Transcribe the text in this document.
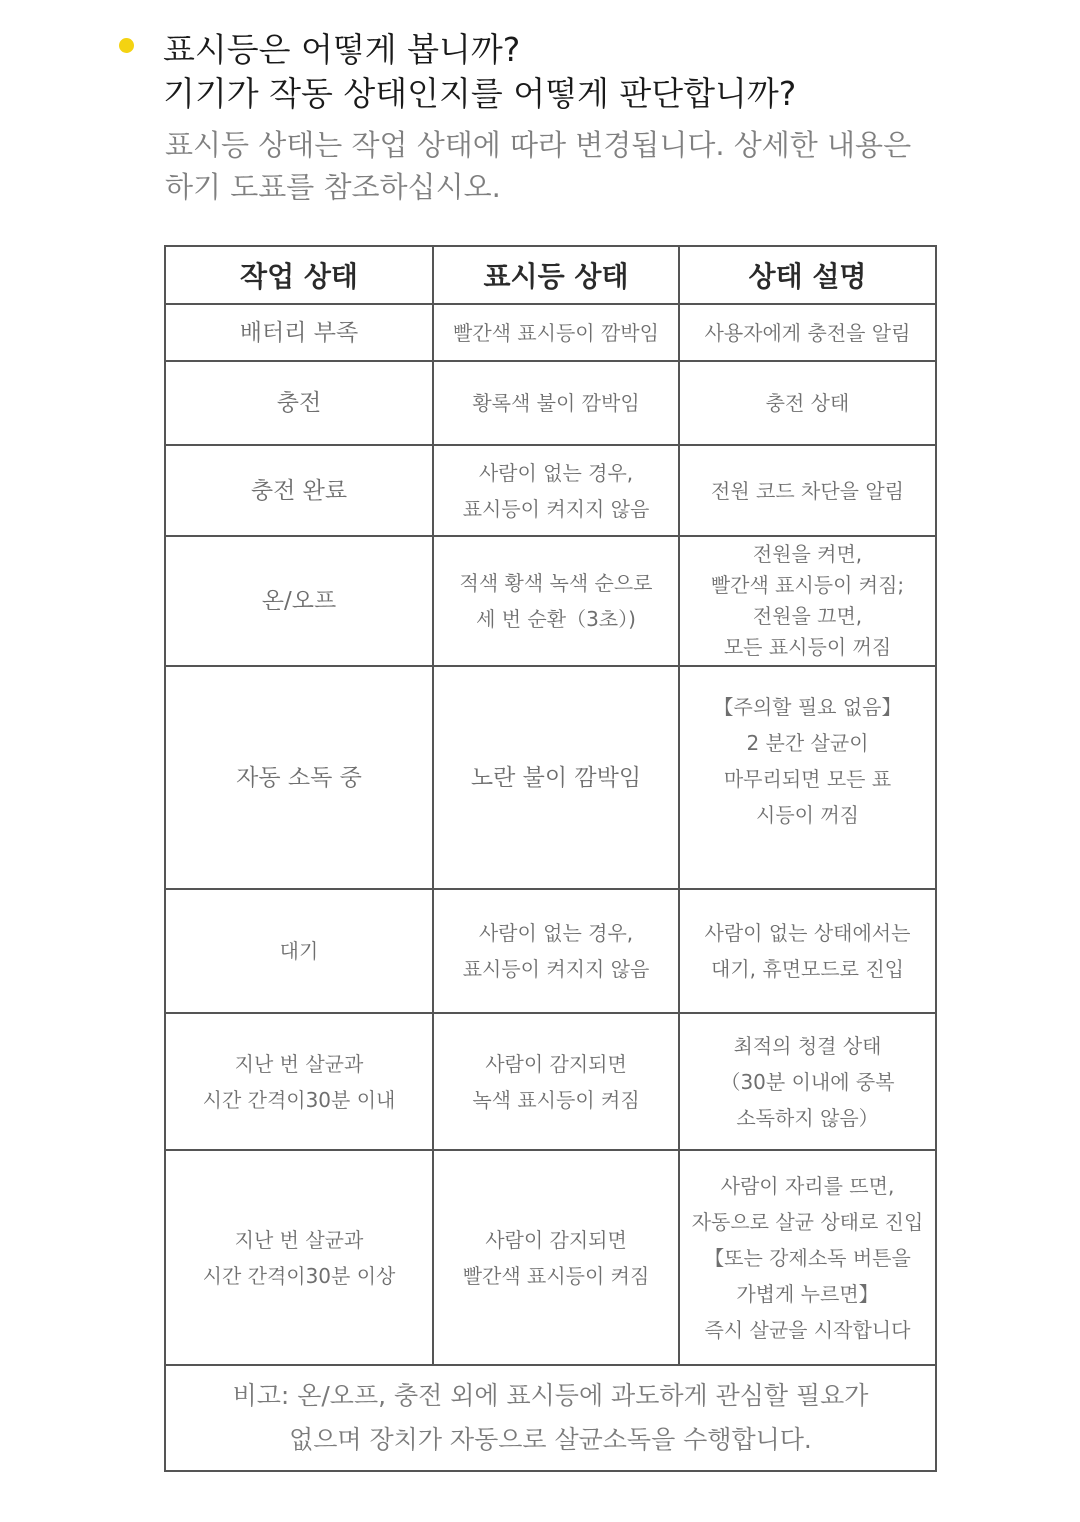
표시등은 어떻게 봅니까?
기기가 작동 상태인지를 어떻게 판단합니까?

표시등 상태는 작업 상태에 따라 변경됩니다. 상세한 내용은
하기 도표를 참조하십시오.

작업 상태	표시등 상태	상태 설명

배터리 부족	빨간색 표시등이 깜박임	사용자에게 충전을 알림

충전	황록색 불이 깜박임	충전 상태

충전 완료	사람이 없는 경우,
표시등이 켜지지 않음	전원 코드 차단을 알림

온/오프	적색 황색 녹색 순으로
세 번 순환（3초）)	전원을 켜면,
빨간색 표시등이 켜짐;
전원을 끄면,
모든 표시등이 꺼짐

자동 소독 중	노란 불이 깜박임	【주의할 필요 없음】
2 분간 살균이
마무리되면 모든 표
시등이 꺼짐

대기	사람이 없는 경우,
표시등이 켜지지 않음	사람이 없는 상태에서는
대기, 휴면모드로 진입

지난 번 살균과
시간 간격이30분 이내	사람이 감지되면
녹색 표시등이 켜짐	최적의 청결 상태
（30분 이내에 중복
소독하지 않음）

지난 번 살균과
시간 간격이30분 이상	사람이 감지되면
빨간색 표시등이 켜짐	사람이 자리를 뜨면,
자동으로 살균 상태로 진입
【또는 강제소독 버튼을
가볍게 누르면】
즉시 살균을 시작합니다

비고: 온/오프, 충전 외에 표시등에 과도하게 관심할 필요가
없으며 장치가 자동으로 살균소독을 수행합니다.		
